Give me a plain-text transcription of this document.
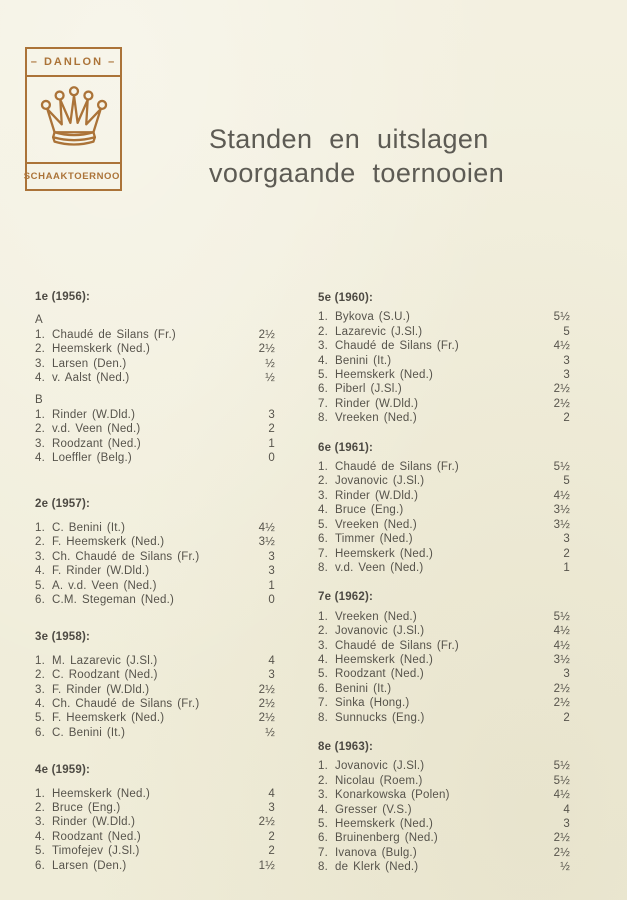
– DANLON –
SCHAAKTOERNOOI
Standen en uitslagen
voorgaande toernooien
1e (1956):
A
1. Chaudé de Silans (Fr.)	2½
2. Heemskerk (Ned.)	2½
3. Larsen (Den.)	½
4. v. Aalst (Ned.)	½
B
1. Rinder (W.Dld.)	3
2. v.d. Veen (Ned.)	2
3. Roodzant (Ned.)	1
4. Loeffler (Belg.)	0
2e (1957):
1. C. Benini (It.)	4½
2. F. Heemskerk (Ned.)	3½
3. Ch. Chaudé de Silans (Fr.)	3
4. F. Rinder (W.Dld.)	3
5. A. v.d. Veen (Ned.)	1
6. C.M. Stegeman (Ned.)	0
3e (1958):
1. M. Lazarevic (J.Sl.)	4
2. C. Roodzant (Ned.)	3
3. F. Rinder (W.Dld.)	2½
4. Ch. Chaudé de Silans (Fr.)	2½
5. F. Heemskerk (Ned.)	2½
6. C. Benini (It.)	½
4e (1959):
1. Heemskerk (Ned.)	4
2. Bruce (Eng.)	3
3. Rinder (W.Dld.)	2½
4. Roodzant (Ned.)	2
5. Timofejev (J.Sl.)	2
6. Larsen (Den.)	1½
5e (1960):
1. Bykova (S.U.)	5½
2. Lazarevic (J.Sl.)	5
3. Chaudé de Silans (Fr.)	4½
4. Benini (It.)	3
5. Heemskerk (Ned.)	3
6. Piberl (J.Sl.)	2½
7. Rinder (W.Dld.)	2½
8. Vreeken (Ned.)	2
6e (1961):
1. Chaudé de Silans (Fr.)	5½
2. Jovanovic (J.Sl.)	5
3. Rinder (W.Dld.)	4½
4. Bruce (Eng.)	3½
5. Vreeken (Ned.)	3½
6. Timmer (Ned.)	3
7. Heemskerk (Ned.)	2
8. v.d. Veen (Ned.)	1
7e (1962):
1. Vreeken (Ned.)	5½
2. Jovanovic (J.Sl.)	4½
3. Chaudé de Silans (Fr.)	4½
4. Heemskerk (Ned.)	3½
5. Roodzant (Ned.)	3
6. Benini (It.)	2½
7. Sinka (Hong.)	2½
8. Sunnucks (Eng.)	2
8e (1963):
1. Jovanovic (J.Sl.)	5½
2. Nicolau (Roem.)	5½
3. Konarkowska (Polen)	4½
4. Gresser (V.S.)	4
5. Heemskerk (Ned.)	3
6. Bruinenberg (Ned.)	2½
7. Ivanova (Bulg.)	2½
8. de Klerk (Ned.)	½
